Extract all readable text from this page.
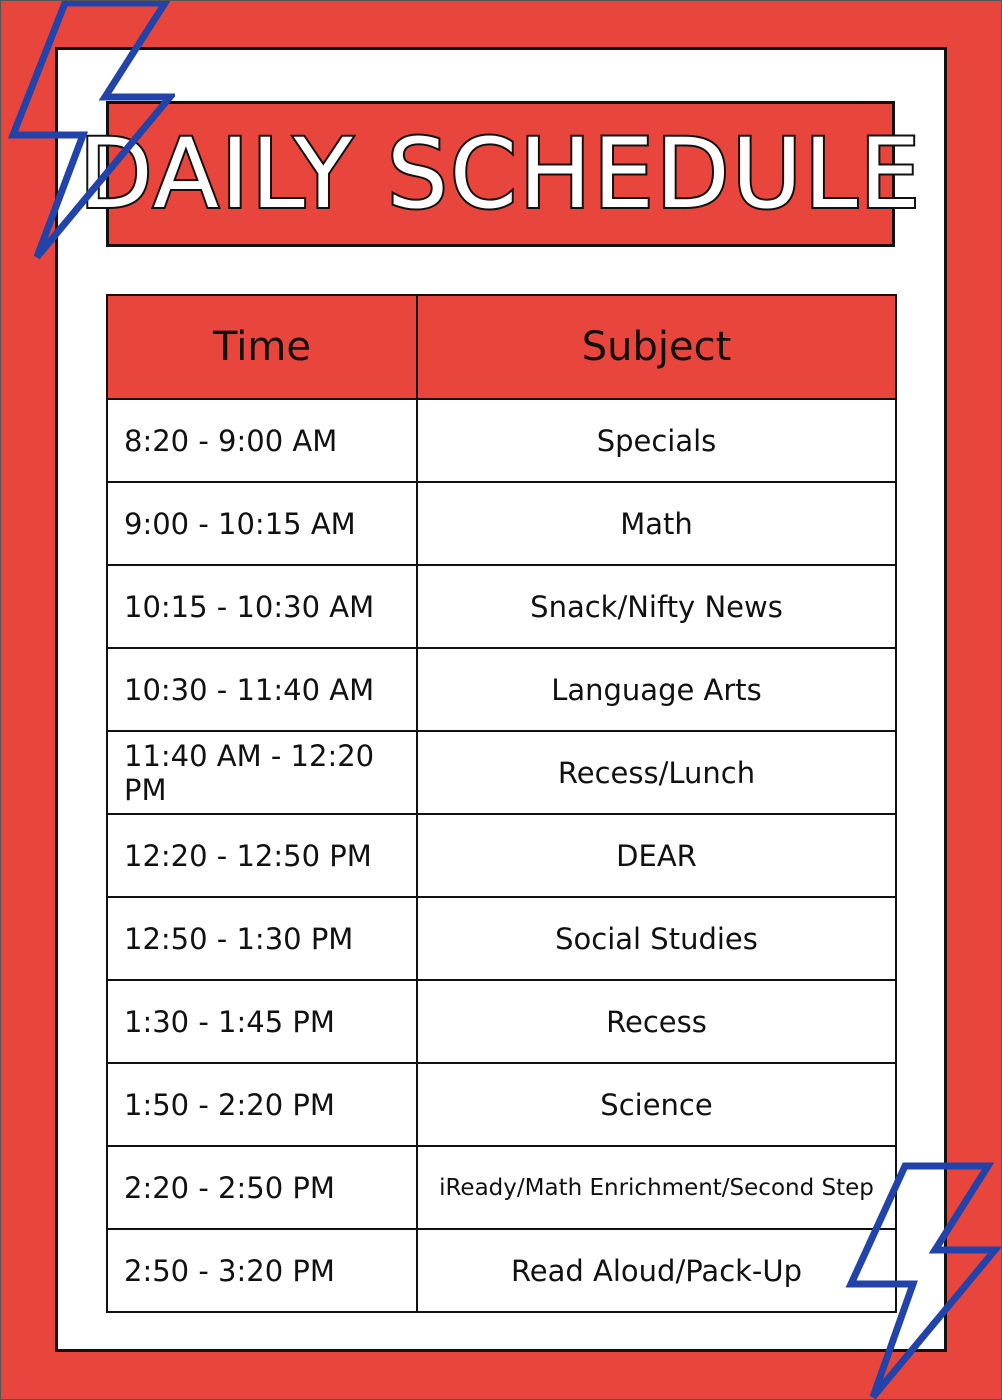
DAILY SCHEDULE
Time	Subject
8:20 - 9:00 AM	Specials
9:00 - 10:15 AM	Math
10:15 - 10:30 AM	Snack/Nifty News
10:30 - 11:40 AM	Language Arts
11:40 AM - 12:20 PM	Recess/Lunch
12:20 - 12:50 PM	DEAR
12:50 - 1:30 PM	Social Studies
1:30 - 1:45 PM	Recess
1:50 - 2:20 PM	Science
2:20 - 2:50 PM	iReady/Math Enrichment/Second Step
2:50 - 3:20 PM	Read Aloud/Pack-Up
